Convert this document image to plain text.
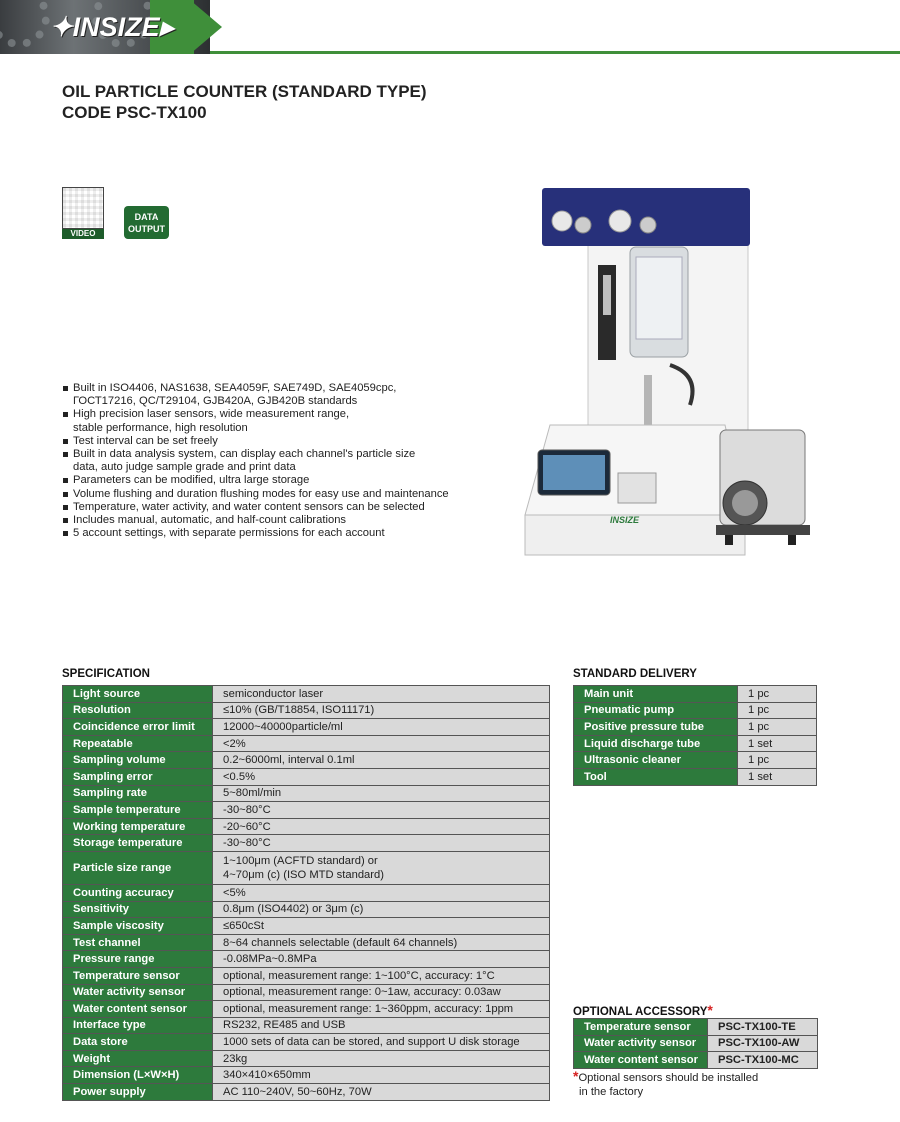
✦INSIZE▸
OIL PARTICLE COUNTER (STANDARD TYPE)
CODE PSC-TX100
VIDEO
DATA
OUTPUT
Built in ISO4406, NAS1638, SEA4059F, SAE749D, SAE4059cpc,
ГОСТ17216, QC/T29104, GJB420A, GJB420B standards
High precision laser sensors, wide measurement range,
stable performance, high resolution
Test interval can be set freely
Built in data analysis system, can display each channel's particle size
data, auto judge sample grade and print data
Parameters can be modified, ultra large storage
Volume flushing and duration flushing modes for easy use and maintenance
Temperature, water activity, and water content sensors can be selected
Includes manual, automatic, and half-count calibrations
5 account settings, with separate permissions for each account
INSIZE
SPECIFICATION
Light source	semiconductor laser
Resolution	≤10% (GB/T18854, ISO11171)
Coincidence error limit	12000~40000particle/ml
Repeatable	<2%
Sampling volume	0.2~6000ml, interval 0.1ml
Sampling error	<0.5%
Sampling rate	5~80ml/min
Sample temperature	-30~80°C
Working temperature	-20~60°C
Storage temperature	-30~80°C
Particle size range	1~100μm (ACFTD standard) or
4~70μm (c) (ISO MTD standard)

Counting accuracy	<5%
Sensitivity	0.8μm (ISO4402) or 3μm (c)
Sample viscosity	≤650cSt
Test channel	8~64 channels selectable (default 64 channels)
Pressure range	-0.08MPa~0.8MPa
Temperature sensor	optional, measurement range: 1~100°C, accuracy: 1°C
Water activity sensor	optional, measurement range: 0~1aw, accuracy: 0.03aw
Water content sensor	optional, measurement range: 1~360ppm, accuracy: 1ppm
Interface type	RS232, RE485 and USB
Data store	1000 sets of data can be stored, and support U disk storage
Weight	23kg
Dimension (L×W×H)	340×410×650mm
Power supply	AC 110~240V, 50~60Hz, 70W
STANDARD DELIVERY
Main unit	1 pc
Pneumatic pump	1 pc
Positive pressure tube	1 pc
Liquid discharge tube	1 set
Ultrasonic cleaner	1 pc
Tool	1 set
OPTIONAL ACCESSORY*
Temperature sensor	PSC-TX100-TE
Water activity sensor	PSC-TX100-AW
Water content sensor	PSC-TX100-MC
*Optional sensors should be installed
in the factory
